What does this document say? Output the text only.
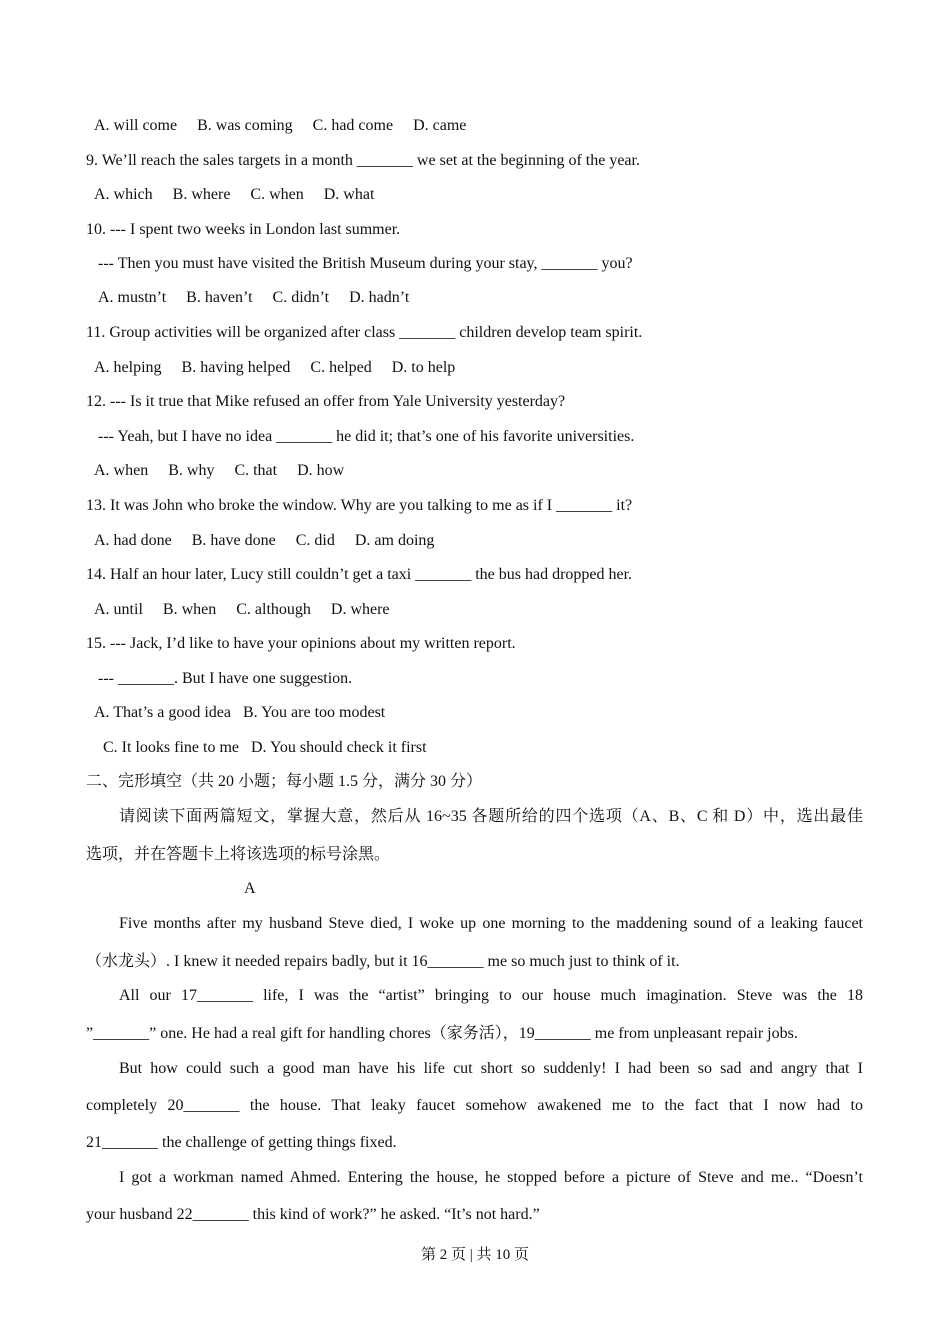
A. will come     B. was coming     C. had come     D. came
9. We’ll reach the sales targets in a month _______ we set at the beginning of the year.
A. which     B. where     C. when     D. what
10. --- I spent two weeks in London last summer.
--- Then you must have visited the British Museum during your stay, _______ you?
A. mustn’t     B. haven’t     C. didn’t     D. hadn’t
11. Group activities will be organized after class _______ children develop team spirit.
A. helping     B. having helped     C. helped     D. to help
12. --- Is it true that Mike refused an offer from Yale University yesterday?
--- Yeah, but I have no idea _______ he did it; that’s one of his favorite universities.
A. when     B. why     C. that     D. how
13. It was John who broke the window. Why are you talking to me as if I _______ it?
A. had done     B. have done     C. did     D. am doing
14. Half an hour later, Lucy still couldn’t get a taxi _______ the bus had dropped her.
A. until     B. when     C. although     D. where
15. --- Jack, I’d like to have your opinions about my written report.
--- _______. But I have one suggestion.
A. That’s a good idea   B. You are too modest
C. It looks fine to me   D. You should check it first
二、完形填空（共 20 小题；每小题 1.5 分，满分 30 分）
请阅读下面两篇短文，掌握大意，然后从 16~35 各题所给的四个选项（A、B、C 和 D）中，选出最佳
选项，并在答题卡上将该选项的标号涂黑。
A
Five months after my husband Steve died, I woke up one morning to the maddening sound of a leaking faucet
（水龙头）. I knew it needed repairs badly, but it 16_______ me so much just to think of it.
All our 17_______ life, I was the “artist” bringing to our house much imagination. Steve was the 18
”_______” one. He had a real gift for handling chores（家务活），19_______ me from unpleasant repair jobs.
But how could such a good man have his life cut short so suddenly! I had been so sad and angry that I
completely 20_______ the house. That leaky faucet somehow awakened me to the fact that I now had to
21_______ the challenge of getting things fixed.
I got a workman named Ahmed. Entering the house, he stopped before a picture of Steve and me.. “Doesn’t
your husband 22_______ this kind of work?” he asked. “It’s not hard.”
第 2 页 | 共 10 页
